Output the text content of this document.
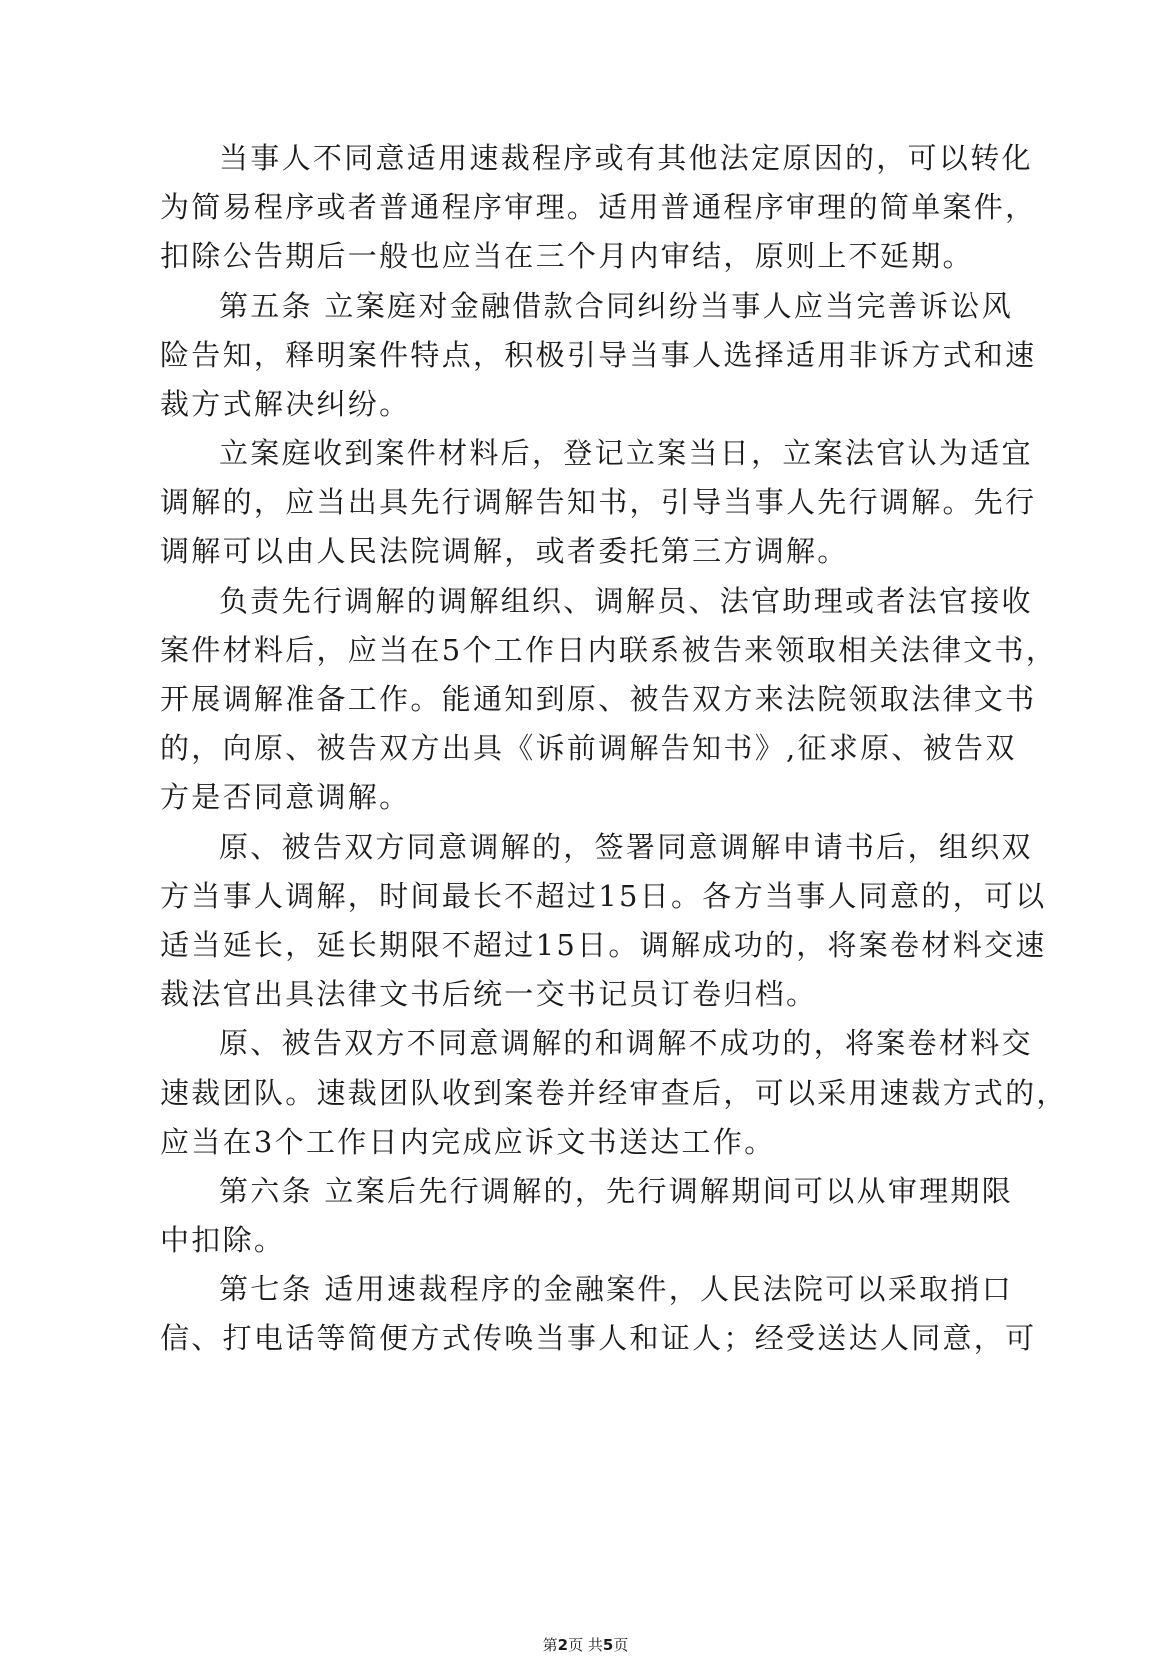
当事人不同意适用速裁程序或有其他法定原因的，可以转化
为简易程序或者普通程序审理。适用普通程序审理的简单案件，
扣除公告期后一般也应当在三个月内审结，原则上不延期。
第五条 立案庭对金融借款合同纠纷当事人应当完善诉讼风
险告知，释明案件特点，积极引导当事人选择适用非诉方式和速
裁方式解决纠纷。
立案庭收到案件材料后，登记立案当日，立案法官认为适宜
调解的，应当出具先行调解告知书，引导当事人先行调解。先行
调解可以由人民法院调解，或者委托第三方调解。
负责先行调解的调解组织、调解员、法官助理或者法官接收
案件材料后，应当在5个工作日内联系被告来领取相关法律文书，
开展调解准备工作。能通知到原、被告双方来法院领取法律文书
的，向原、被告双方出具《诉前调解告知书》,征求原、被告双
方是否同意调解。
原、被告双方同意调解的，签署同意调解申请书后，组织双
方当事人调解，时间最长不超过15日。各方当事人同意的，可以
适当延长，延长期限不超过15日。调解成功的，将案卷材料交速
裁法官出具法律文书后统一交书记员订卷归档。
原、被告双方不同意调解的和调解不成功的，将案卷材料交
速裁团队。速裁团队收到案卷并经审查后，可以采用速裁方式的，
应当在3个工作日内完成应诉文书送达工作。
第六条 立案后先行调解的，先行调解期间可以从审理期限
中扣除。
第七条 适用速裁程序的金融案件，人民法院可以采取捎口
信、打电话等简便方式传唤当事人和证人；经受送达人同意，可
第2页 共5页
